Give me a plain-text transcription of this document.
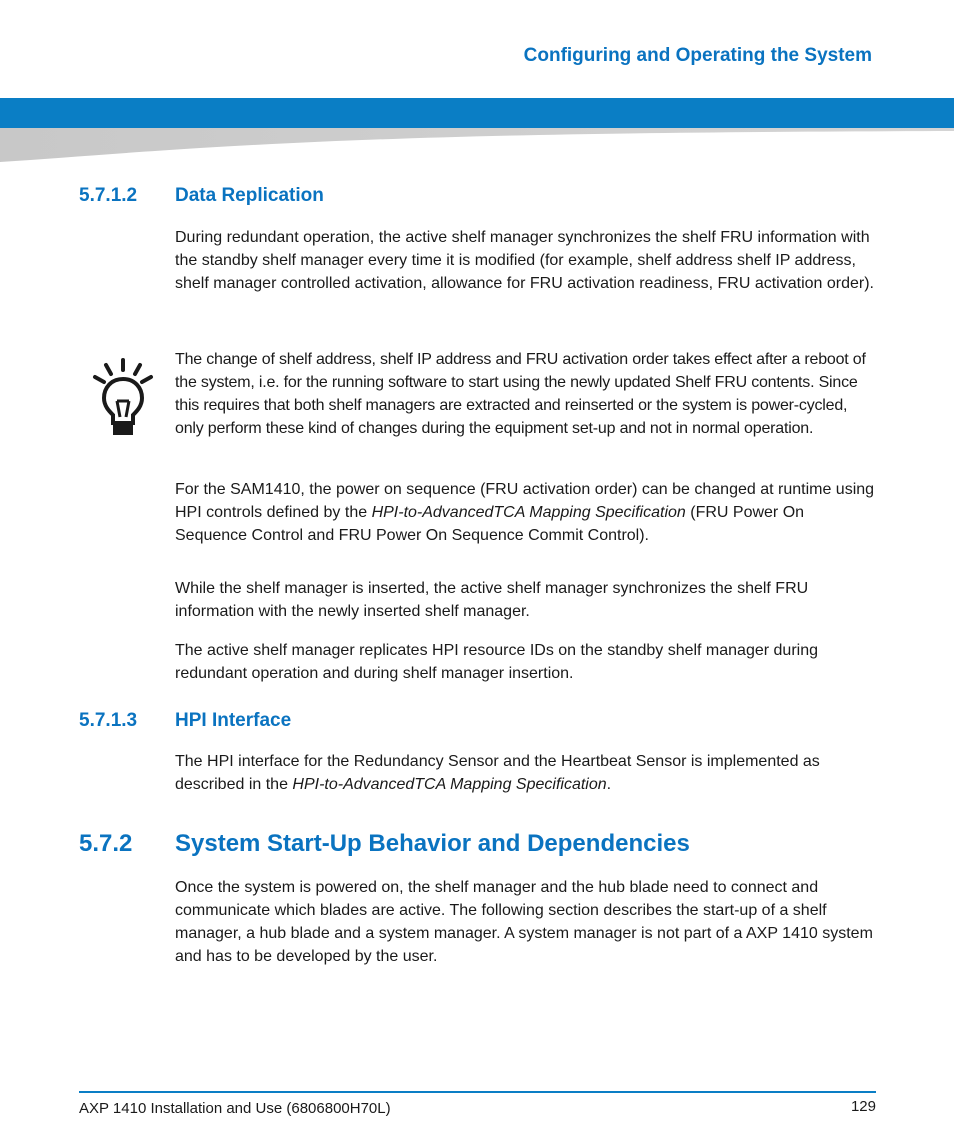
Configuring and Operating the System
5.7.1.2 Data Replication
During redundant operation, the active shelf manager synchronizes the shelf FRU information with the standby shelf manager every time it is modified (for example, shelf address shelf IP address, shelf manager controlled activation, allowance for FRU activation readiness, FRU activation order).
The change of shelf address, shelf IP address and FRU activation order takes effect after a reboot of the system, i.e. for the running software to start using the newly updated Shelf FRU contents. Since this requires that both shelf managers are extracted and reinserted or the system is power-cycled, only perform these kind of changes during the equipment set-up and not in normal operation.
For the SAM1410, the power on sequence (FRU activation order) can be changed at runtime using HPI controls defined by the HPI-to-AdvancedTCA Mapping Specification (FRU Power On Sequence Control and FRU Power On Sequence Commit Control).
While the shelf manager is inserted, the active shelf manager synchronizes the shelf FRU information with the newly inserted shelf manager.
The active shelf manager replicates HPI resource IDs on the standby shelf manager during redundant operation and during shelf manager insertion.
5.7.1.3 HPI Interface
The HPI interface for the Redundancy Sensor and the Heartbeat Sensor is implemented as described in the HPI-to-AdvancedTCA Mapping Specification.
5.7.2 System Start-Up Behavior and Dependencies
Once the system is powered on, the shelf manager and the hub blade need to connect and communicate which blades are active. The following section describes the start-up of a shelf manager, a hub blade and a system manager. A system manager is not part of a AXP 1410 system and has to be developed by the user.
AXP 1410 Installation and Use (6806800H70L)	129
